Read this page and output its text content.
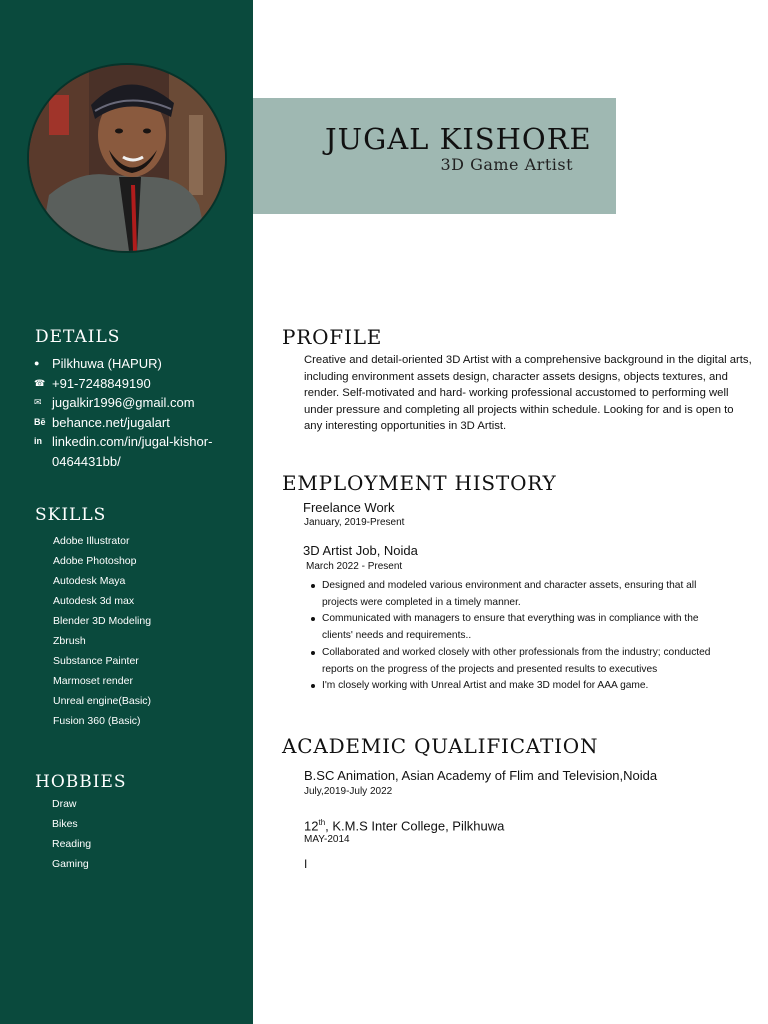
DETAILS
● Pilkhuwa (HAPUR)
☎ +91-7248849190
✉ jugalkir1996@gmail.com
Bē behance.net/jugalart
in linkedin.com/in/jugal-kishor-0464431bb/
SKILLS
Adobe Illustrator
Adobe Photoshop
Autodesk Maya
Autodesk 3d max
Blender 3D Modeling
Zbrush
Substance Painter
Marmoset render
Unreal engine(Basic)
Fusion 360 (Basic)
HOBBIES
Draw
Bikes
Reading
Gaming
JUGAL KISHORE
3D Game Artist
PROFILE

Creative and detail-oriented 3D Artist with a comprehensive background in the digital arts, including environment assets design, character assets designs, objects textures, and render. Self-motivated and hard- working professional accustomed to performing well under pressure and completing all projects within schedule. Looking for and is open to any interesting opportunities in 3D Artist.

EMPLOYMENT HISTORY
Freelance Work
January, 2019-Present
3D Artist Job, Noida
March 2022 - Present
Designed and modeled various environment and character assets, ensuring that all projects were completed in a timely manner.
Communicated with managers to ensure that everything was in compliance with the clients' needs and requirements..
Collaborated and worked closely with other professionals from the industry; conducted reports on the progress of the projects and presented results to executives
I'm closely working with Unreal Artist and make 3D model for AAA game.
ACADEMIC QUALIFICATION
B.SC Animation, Asian Academy of Flim and Television,Noida
July,2019-July 2022
12th, K.M.S Inter College, Pilkhuwa
MAY-2014
I
